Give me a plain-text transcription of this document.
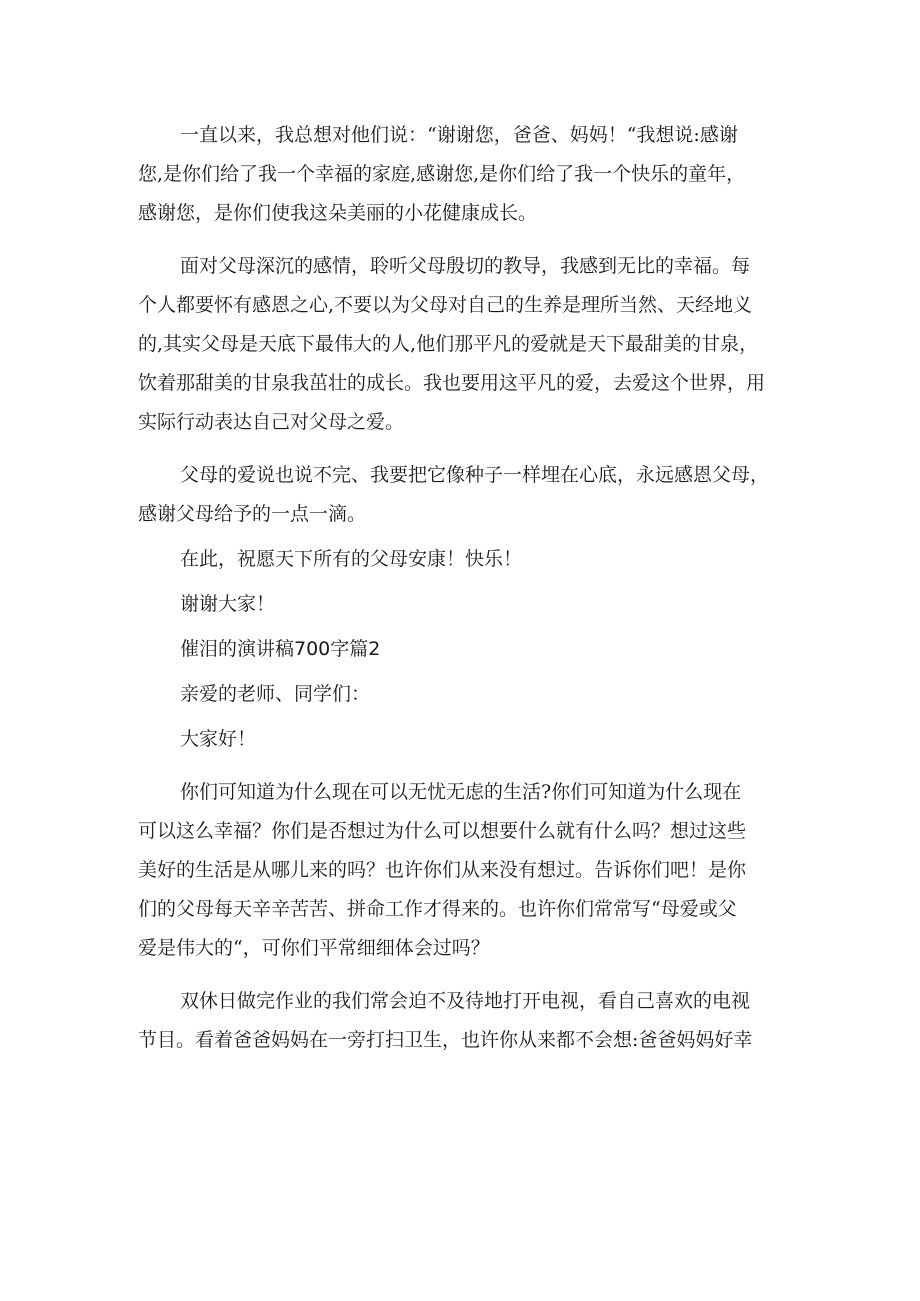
一直以来，我总想对他们说：“谢谢您，爸爸、妈妈！“我想说:感谢
您,是你们给了我一个幸福的家庭,感谢您,是你们给了我一个快乐的童年，
感谢您，是你们使我这朵美丽的小花健康成长。
面对父母深沉的感情，聆听父母殷切的教导，我感到无比的幸福。每
个人都要怀有感恩之心,不要以为父母对自己的生养是理所当然、天经地义
的,其实父母是天底下最伟大的人,他们那平凡的爱就是天下最甜美的甘泉，
饮着那甜美的甘泉我茁壮的成长。我也要用这平凡的爱，去爱这个世界，用
实际行动表达自己对父母之爱。
父母的爱说也说不完、我要把它像种子一样埋在心底，永远感恩父母，
感谢父母给予的一点一滴。
在此，祝愿天下所有的父母安康！快乐！
谢谢大家！
催泪的演讲稿700字篇2
亲爱的老师、同学们：
大家好！
你们可知道为什么现在可以无忧无虑的生活?你们可知道为什么现在
可以这么幸福？你们是否想过为什么可以想要什么就有什么吗？想过这些
美好的生活是从哪儿来的吗？也许你们从来没有想过。告诉你们吧！是你
们的父母每天辛辛苦苦、拼命工作才得来的。也许你们常常写“母爱或父
爱是伟大的“，可你们平常细细体会过吗？
双休日做完作业的我们常会迫不及待地打开电视，看自己喜欢的电视
节目。看着爸爸妈妈在一旁打扫卫生，也许你从来都不会想:爸爸妈妈好幸
